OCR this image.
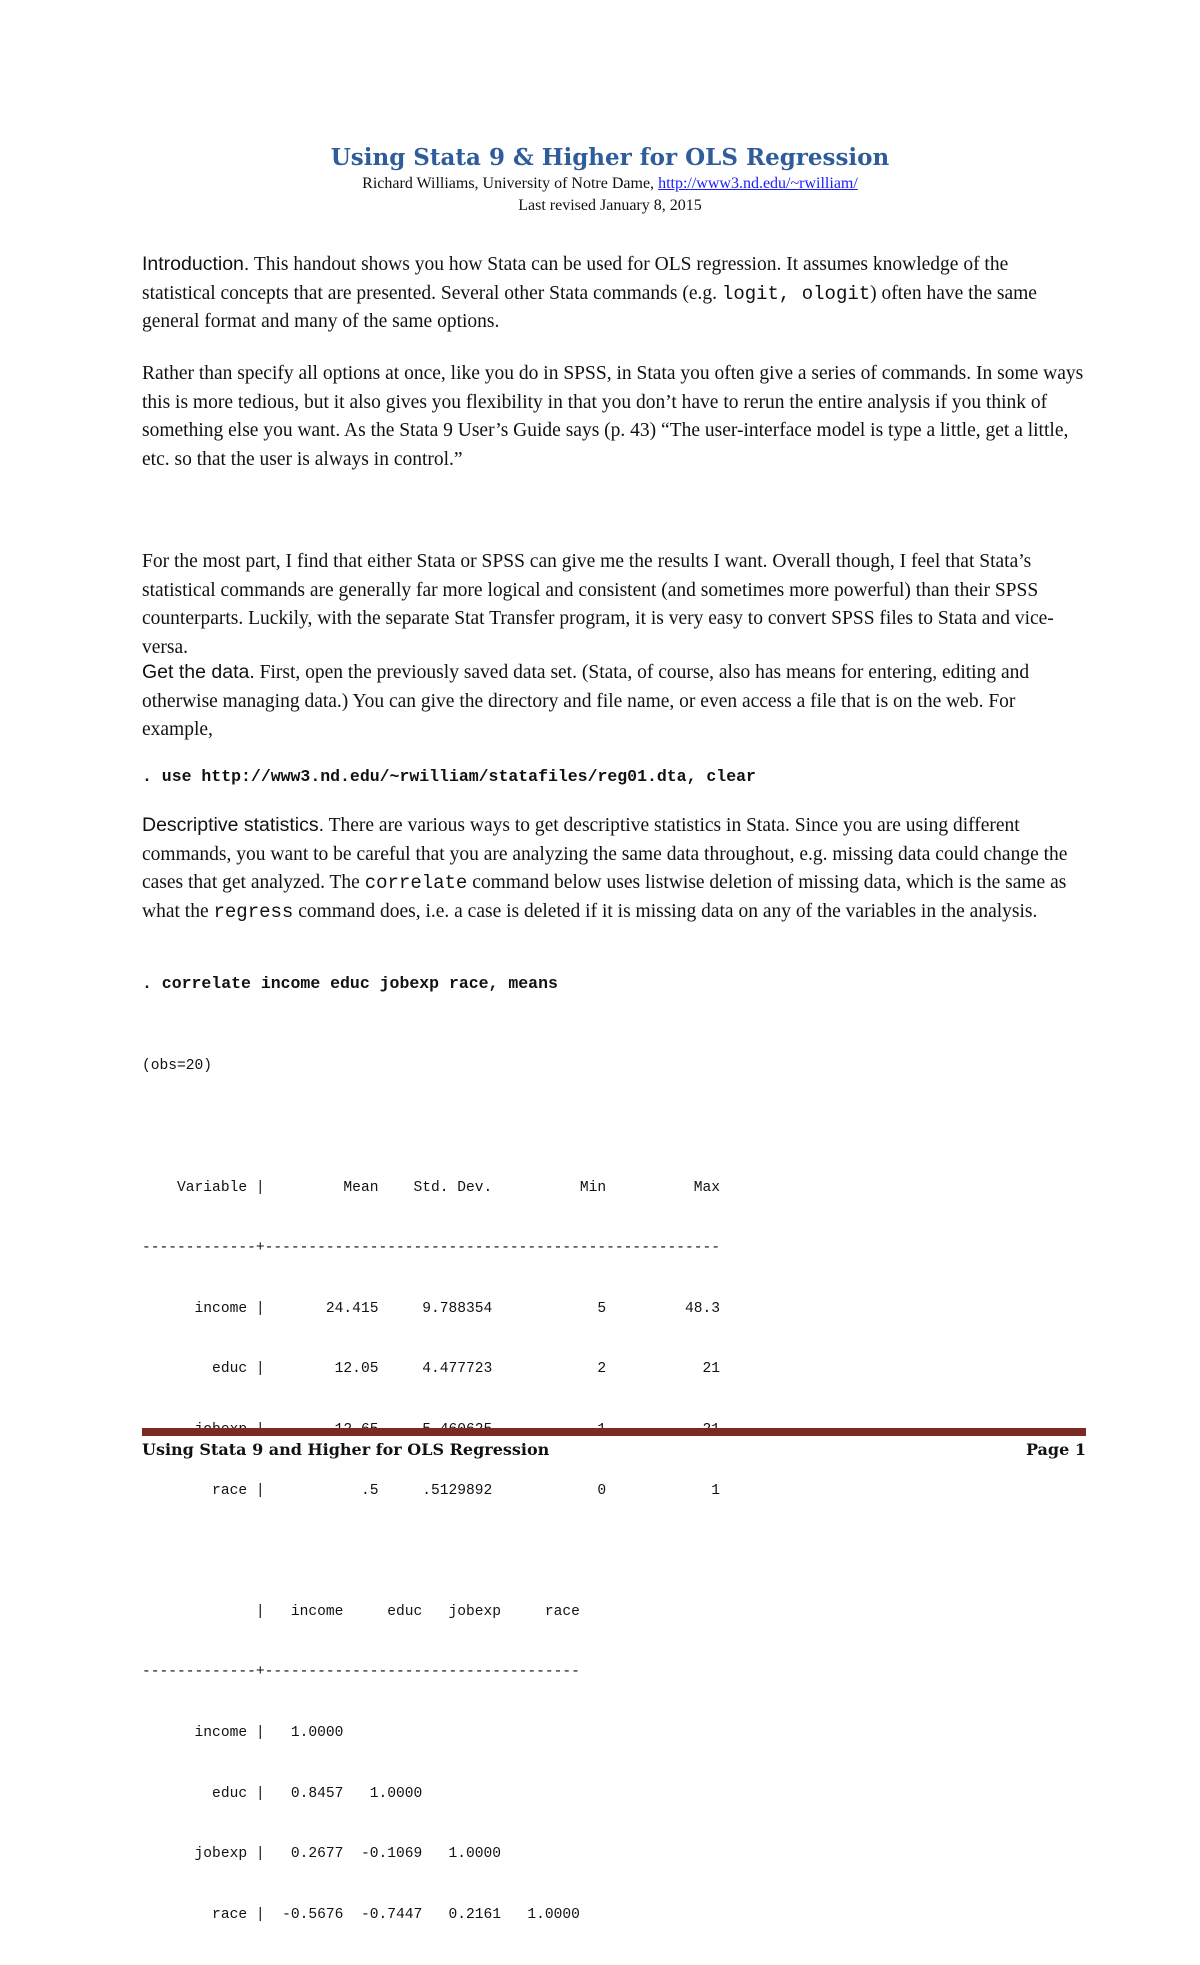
Using Stata 9 & Higher for OLS Regression

Richard Williams, University of Notre Dame, http://www3.nd.edu/~rwilliam/

Last revised January 8, 2015

Introduction. This handout shows you how Stata can be used for OLS regression. It assumes knowledge of the statistical concepts that are presented. Several other Stata commands (e.g. logit, ologit) often have the same general format and many of the same options.

Rather than specify all options at once, like you do in SPSS, in Stata you often give a series of commands. In some ways this is more tedious, but it also gives you flexibility in that you don’t have to rerun the entire analysis if you think of something else you want. As the Stata 9 User’s Guide says (p. 43) “The user-interface model is type a little, get a little, etc. so that the user is always in control.”

For the most part, I find that either Stata or SPSS can give me the results I want. Overall though, I feel that Stata’s statistical commands are generally far more logical and consistent (and sometimes more powerful) than their SPSS counterparts. Luckily, with the separate Stat Transfer program, it is very easy to convert SPSS files to Stata and vice-versa.

Get the data. First, open the previously saved data set. (Stata, of course, also has means for entering, editing and otherwise managing data.) You can give the directory and file name, or even access a file that is on the web. For example,

. use http://www3.nd.edu/~rwilliam/statafiles/reg01.dta, clear

Descriptive statistics. There are various ways to get descriptive statistics in Stata. Since you are using different commands, you want to be careful that you are analyzing the same data throughout, e.g. missing data could change the cases that get analyzed. The correlate command below uses listwise deletion of missing data, which is the same as what the regress command does, i.e. a case is deleted if it is missing data on any of the variables in the analysis.

. correlate income educ jobexp race, means

(obs=20)

Variable |         Mean    Std. Dev.          Min          Max

-------------+----------------------------------------------------

income |       24.415     9.788354            5         48.3

educ |        12.05     4.477723            2           21

race |           .5     .5129892            0            1

|   income     educ   jobexp     race

-------------+------------------------------------

income |   1.0000

educ |   0.8457   1.0000

jobexp |   0.2677  -0.1069   1.0000

race |  -0.5676  -0.7447   0.2161   1.0000

Using Stata 9 and Higher for OLS Regression	Page 1
